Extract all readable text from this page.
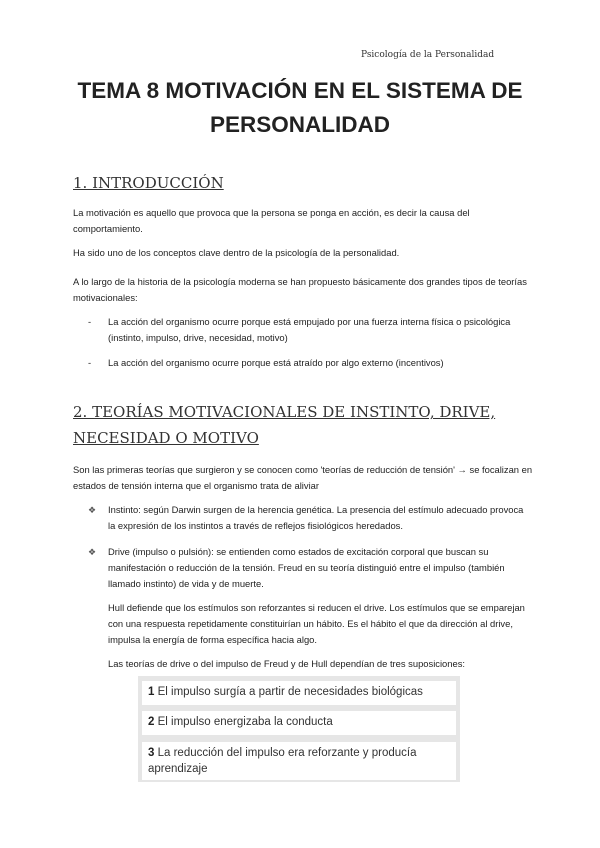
Psicología de la Personalidad
TEMA 8 MOTIVACIÓN EN EL SISTEMA DE PERSONALIDAD
1. INTRODUCCIÓN
La motivación es aquello que provoca que la persona se ponga en acción, es decir la causa del comportamiento.
Ha sido uno de los conceptos clave dentro de la psicología de la personalidad.
A lo largo de la historia de la psicología moderna se han propuesto básicamente dos grandes tipos de teorías motivacionales:
- La acción del organismo ocurre porque está empujado por una fuerza interna física o psicológica (instinto, impulso, drive, necesidad, motivo)
- La acción del organismo ocurre porque está atraído por algo externo (incentivos)
2. TEORÍAS MOTIVACIONALES DE INSTINTO, DRIVE, NECESIDAD O MOTIVO
Son las primeras teorías que surgieron y se conocen como 'teorías de reducción de tensión' → se focalizan en estados de tensión interna que el organismo trata de aliviar
❖ Instinto: según Darwin surgen de la herencia genética. La presencia del estímulo adecuado provoca la expresión de los instintos a través de reflejos fisiológicos heredados.
❖ Drive (impulso o pulsión): se entienden como estados de excitación corporal que buscan su manifestación o reducción de la tensión. Freud en su teoría distinguió entre el impulso (también llamado instinto) de vida y de muerte.
Hull defiende que los estímulos son reforzantes si reducen el drive. Los estímulos que se emparejan con una respuesta repetidamente constituirían un hábito. Es el hábito el que da dirección al drive, impulsa la energía de forma específica hacia algo.
Las teorías de drive o del impulso de Freud y de Hull dependían de tres suposiciones:
1 El impulso surgía a partir de necesidades biológicas
2 El impulso energizaba la conducta
3 La reducción del impulso era reforzante y producía aprendizaje
